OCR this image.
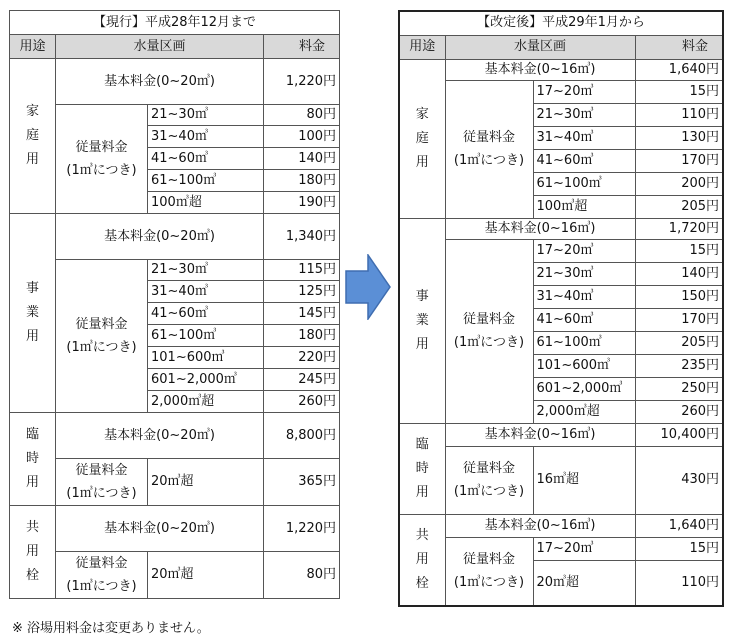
【現行】平成28年12月まで			
用途	水量区画		料金

家
庭
用	基本料金(0~20㎥)		1,220円
	従量料金
(1㎥につき)	21~30㎥	80円
		31~40㎥	100円
		41~60㎥	140円
		61~100㎥	180円
		100㎥超	190円

事
業
用	基本料金(0~20㎥)		1,340円
	従量料金
(1㎥につき)	21~30㎥	115円
		31~40㎥	125円
		41~60㎥	145円
		61~100㎥	180円
		101~600㎥	220円
		601~2,000㎥	245円
		2,000㎥超	260円

臨
時
用	基本料金(0~20㎥)		8,800円
	従量料金
(1㎥につき)	20㎥超	365円

共
用
栓	基本料金(0~20㎥)		1,220円
	従量料金
(1㎥につき)	20㎥超	80円
【改定後】平成29年1月から			
用途	水量区画		料金

家
庭
用	基本料金(0~16㎥)		1,640円
	従量料金
(1㎥につき)	17~20㎥	15円
		21~30㎥	110円
		31~40㎥	130円
		41~60㎥	170円
		61~100㎥	200円
		100㎥超	205円

事
業
用	基本料金(0~16㎥)		1,720円
	従量料金
(1㎥につき)	17~20㎥	15円
		21~30㎥	140円
		31~40㎥	150円
		41~60㎥	170円
		61~100㎥	205円
		101~600㎥	235円
		601~2,000㎥	250円
		2,000㎥超	260円

臨
時
用	基本料金(0~16㎥)		10,400円
	従量料金
(1㎥につき)	16㎥超	430円

共
用
栓	基本料金(0~16㎥)		1,640円
	従量料金
(1㎥につき)	17~20㎥	15円
		20㎥超	110円
※ 浴場用料金は変更ありません。
